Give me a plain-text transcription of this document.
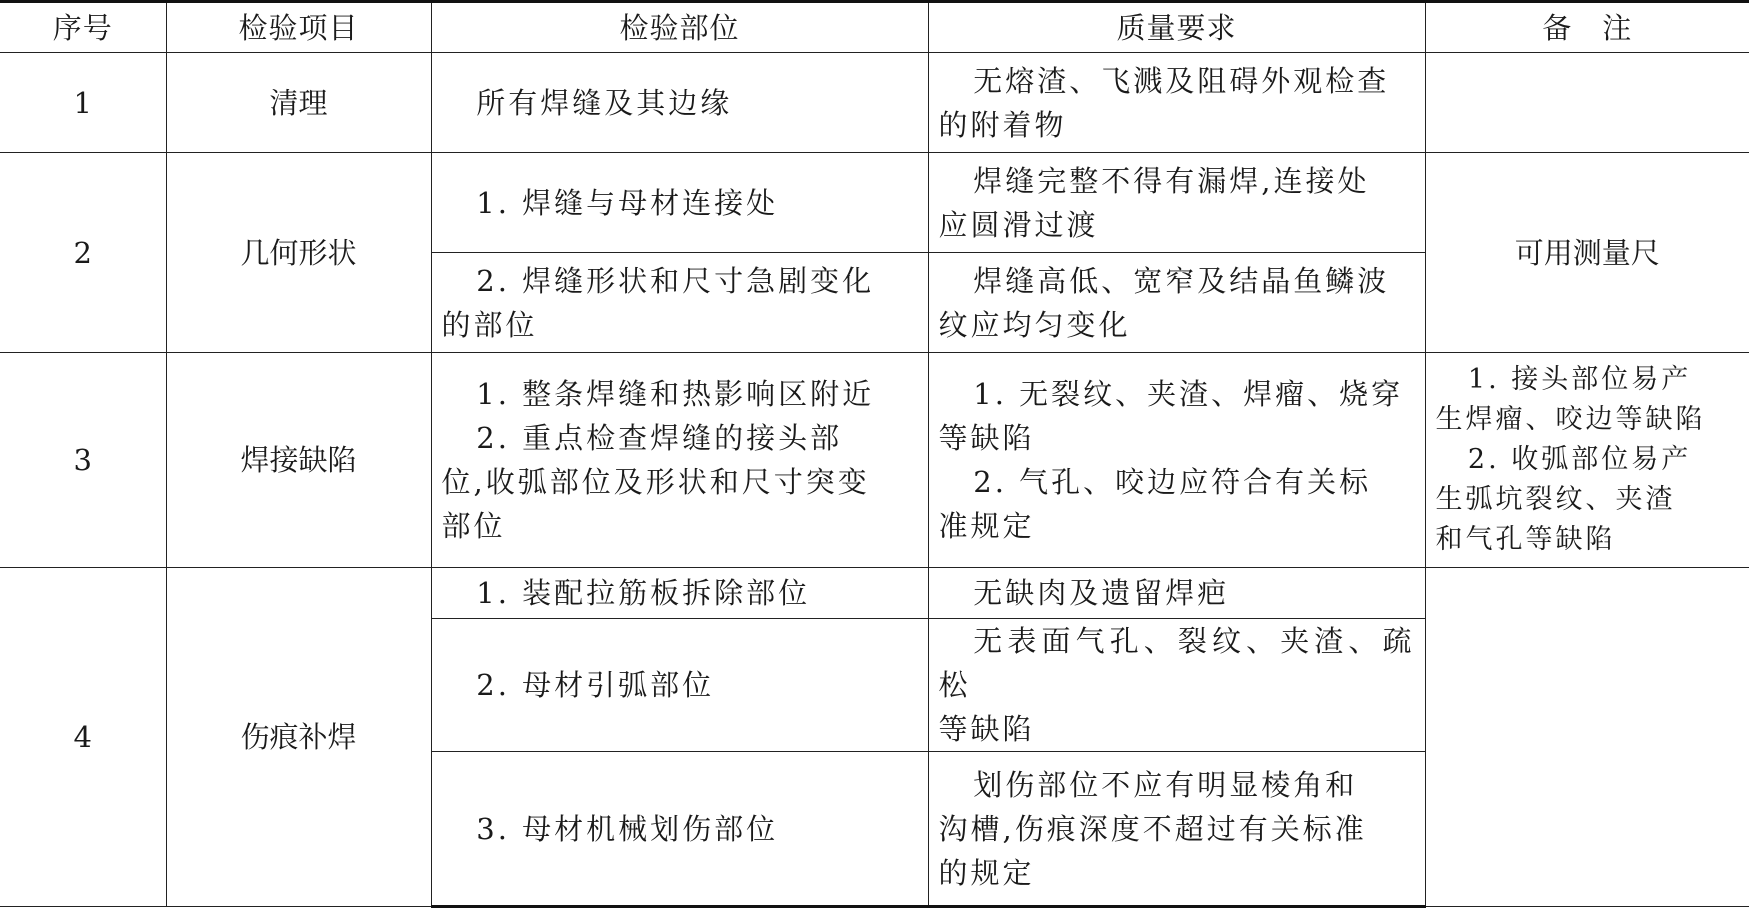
序号	检验项目	检验部位	质量要求	备　注
1	清理	所有焊缝及其边缘	无熔渣、飞溅及阻碍外观检查
的附着物	

2	几何形状	1. 焊缝与母材连接处	焊缝完整不得有漏焊,连接处
应圆滑过渡	可用测量尺

		2. 焊缝形状和尺寸急剧变化
的部位	焊缝高低、宽窄及结晶鱼鳞波
纹应均匀变化	

3	焊接缺陷	1. 整条焊缝和热影响区附近
2. 重点检查焊缝的接头部
位,收弧部位及形状和尺寸突变
部位	1. 无裂纹、夹渣、焊瘤、烧穿
等缺陷
2. 气孔、咬边应符合有关标
准规定	1. 接头部位易产
生焊瘤、咬边等缺陷
2. 收弧部位易产
生弧坑裂纹、夹渣
和气孔等缺陷

4	伤痕补焊	1. 装配拉筋板拆除部位	无缺肉及遗留焊疤	

		2. 母材引弧部位	无表面气孔、裂纹、夹渣、疏松
等缺陷	

		3. 母材机械划伤部位	划伤部位不应有明显棱角和
沟槽,伤痕深度不超过有关标准
的规定	
